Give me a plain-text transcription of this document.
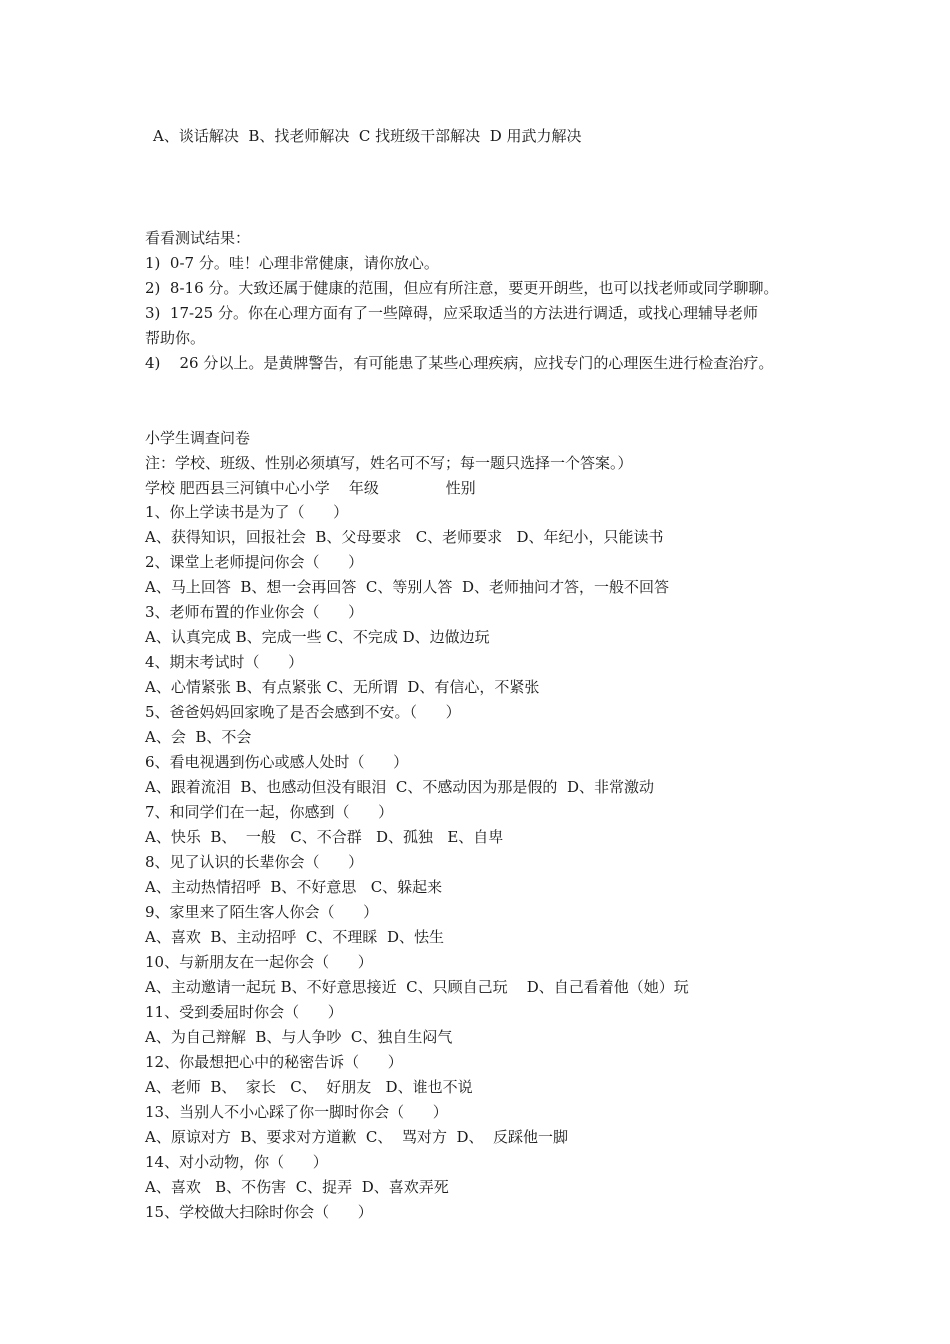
A、谈话解决  B、找老师解决  C 找班级干部解决  D 用武力解决
看看测试结果：
1)  0-7 分。哇！心理非常健康，请你放心。
2)  8-16 分。大致还属于健康的范围，但应有所注意，要更开朗些，也可以找老师或同学聊聊。
3)  17-25 分。你在心理方面有了一些障碍，应采取适当的方法进行调适，或找心理辅导老师
帮助你。
4)    26 分以上。是黄牌警告，有可能患了某些心理疾病，应找专门的心理医生进行检查治疗。
小学生调查问卷
注：学校、班级、性别必须填写，姓名可不写；每一题只选择一个答案。）
学校 肥西县三河镇中心小学    年级              性别
1、你上学读书是为了（      ）
A、获得知识，回报社会  B、父母要求   C、老师要求   D、年纪小，只能读书
2、课堂上老师提问你会（      ）
A、马上回答  B、想一会再回答  C、等别人答  D、老师抽问才答，一般不回答
3、老师布置的作业你会（      ）
A、认真完成 B、完成一些 C、不完成 D、边做边玩
4、期末考试时（      ）
A、心情紧张 B、有点紧张 C、无所谓  D、有信心，不紧张
5、爸爸妈妈回家晚了是否会感到不安。（      ）
A、会  B、不会
6、看电视遇到伤心或感人处时（      ）
A、跟着流泪  B、也感动但没有眼泪  C、不感动因为那是假的  D、非常激动
7、和同学们在一起，你感到（      ）
A、快乐  B、  一般   C、不合群   D、孤独   E、自卑
8、见了认识的长辈你会（      ）
A、主动热情招呼  B、不好意思   C、躲起来
9、家里来了陌生客人你会（      ）
A、喜欢  B、主动招呼  C、不理睬  D、怯生
10、与新朋友在一起你会（      ）
A、主动邀请一起玩 B、不好意思接近  C、只顾自己玩    D、自己看着他（她）玩
11、受到委屈时你会（      ）
A、为自己辩解  B、与人争吵  C、独自生闷气
12、你最想把心中的秘密告诉（      ）
A、老师  B、  家长   C、  好朋友   D、谁也不说
13、当别人不小心踩了你一脚时你会（      ）
A、原谅对方  B、要求对方道歉  C、  骂对方  D、  反踩他一脚
14、对小动物，你（      ）
A、喜欢   B、不伤害  C、捉弄  D、喜欢弄死
15、学校做大扫除时你会（      ）
